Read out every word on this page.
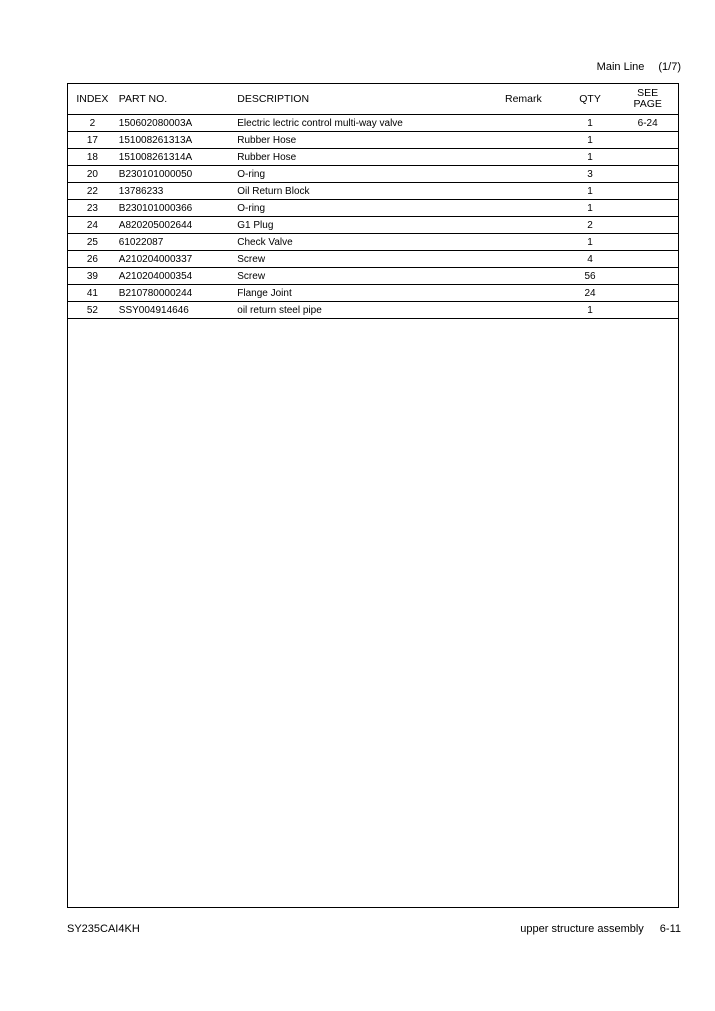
Main Line (1/7)
INDEX	PART NO.	DESCRIPTION	Remark	QTY	SEE
PAGE
2	150602080003A	Electric lectric control multi-way valve		1	6-24
17	151008261313A	Rubber Hose		1	
18	151008261314A	Rubber Hose		1	
20	B230101000050	O-ring		3	
22	13786233	Oil Return Block		1	
23	B230101000366	O-ring		1	
24	A820205002644	G1 Plug		2	
25	61022087	Check Valve		1	
26	A210204000337	Screw		4	
39	A210204000354	Screw		56	
41	B210780000244	Flange Joint		24	
52	SSY004914646	oil return steel pipe		1	
SY235CAI4KH	upper structure assembly 6-11
